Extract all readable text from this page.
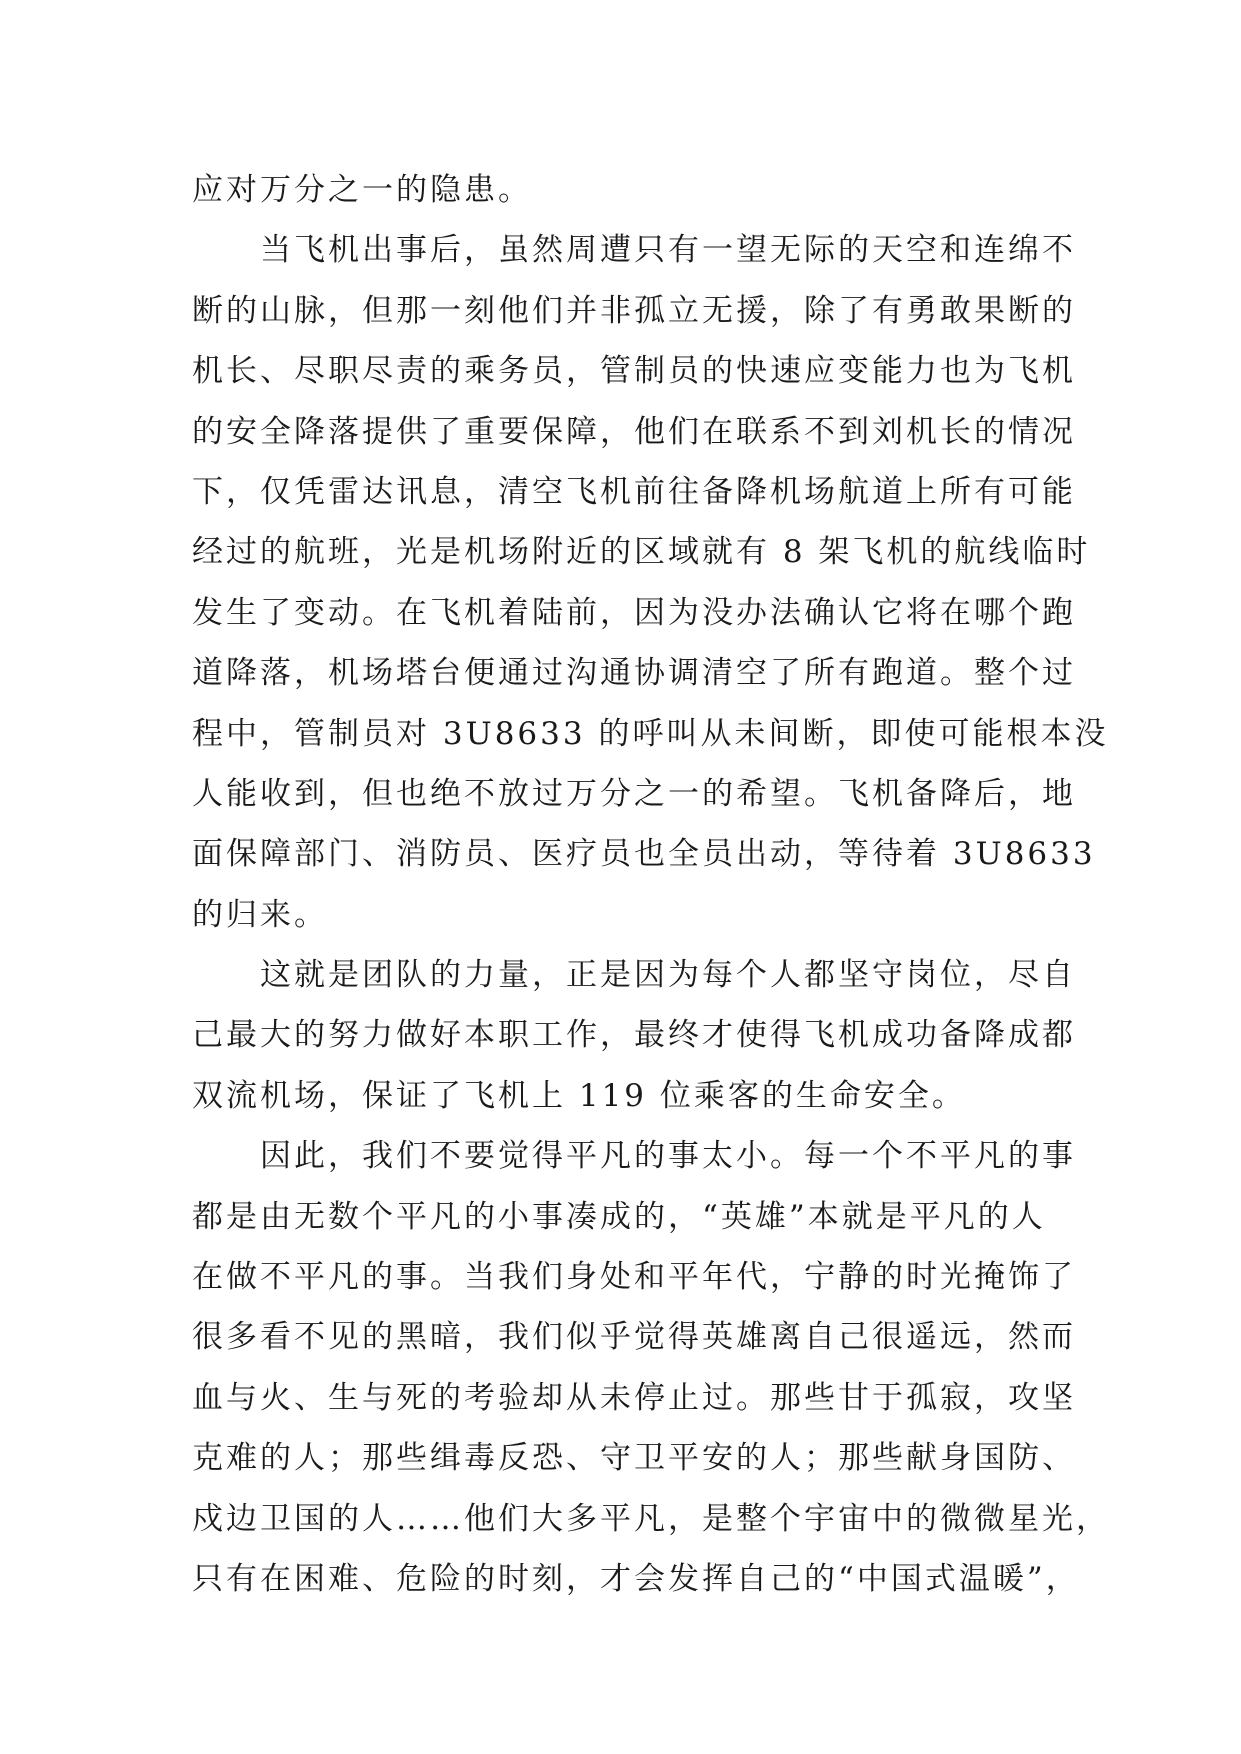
应对万分之一的隐患。
　　当飞机出事后，虽然周遭只有一望无际的天空和连绵不
断的山脉，但那一刻他们并非孤立无援，除了有勇敢果断的
机长、尽职尽责的乘务员，管制员的快速应变能力也为飞机
的安全降落提供了重要保障，他们在联系不到刘机长的情况
下，仅凭雷达讯息，清空飞机前往备降机场航道上所有可能
经过的航班，光是机场附近的区域就有 8 架飞机的航线临时
发生了变动。在飞机着陆前，因为没办法确认它将在哪个跑
道降落，机场塔台便通过沟通协调清空了所有跑道。整个过
程中，管制员对 3U8633 的呼叫从未间断，即使可能根本没
人能收到，但也绝不放过万分之一的希望。飞机备降后，地
面保障部门、消防员、医疗员也全员出动，等待着 3U8633
的归来。
　　这就是团队的力量，正是因为每个人都坚守岗位，尽自
己最大的努力做好本职工作，最终才使得飞机成功备降成都
双流机场，保证了飞机上 119 位乘客的生命安全。
　　因此，我们不要觉得平凡的事太小。每一个不平凡的事
都是由无数个平凡的小事凑成的，“英雄”本就是平凡的人
在做不平凡的事。当我们身处和平年代，宁静的时光掩饰了
很多看不见的黑暗，我们似乎觉得英雄离自己很遥远，然而
血与火、生与死的考验却从未停止过。那些甘于孤寂，攻坚
克难的人；那些缉毒反恐、守卫平安的人；那些献身国防、
戍边卫国的人……他们大多平凡，是整个宇宙中的微微星光，
只有在困难、危险的时刻，才会发挥自己的“中国式温暖”，
